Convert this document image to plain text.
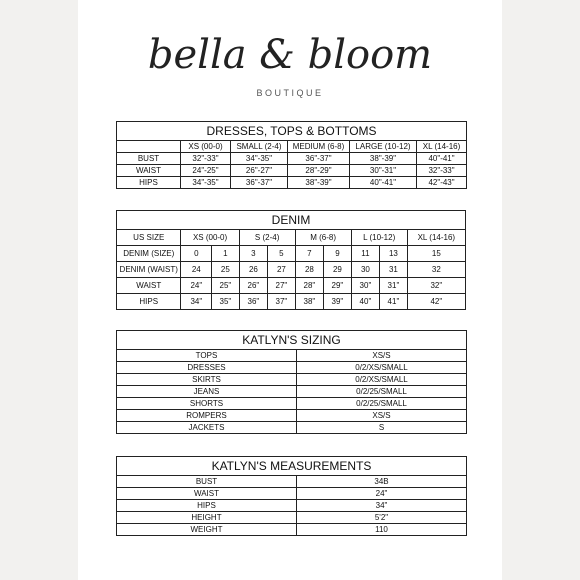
bella & bloom
BOUTIQUE
DRESSES, TOPS & BOTTOMS					
	XS (00-0)	SMALL (2-4)	MEDIUM (6-8)	LARGE (10-12)	XL (14-16)
BUST	32"-33"	34"-35"	36"-37"	38"-39"	40"-41"
WAIST	24"-25"	26"-27"	28"-29"	30"-31"	32"-33"
HIPS	34"-35"	36"-37"	38"-39"	40"-41"	42"-43"
DENIM									
US SIZE	XS (00-0)		S (2-4)		M (6-8)		L (10-12)		XL (14-16)
DENIM (SIZE)	0	1	3	5	7	9	11	13	15
DENIM (WAIST)	24	25	26	27	28	29	30	31	32
WAIST	24"	25"	26"	27"	28"	29"	30"	31"	32"
HIPS	34"	35"	36"	37"	38"	39"	40"	41"	42"
KATLYN'S SIZING	
TOPS	XS/S
DRESSES	0/2/XS/SMALL
SKIRTS	0/2/XS/SMALL
JEANS	0/2/25/SMALL
SHORTS	0/2/25/SMALL
ROMPERS	XS/S
JACKETS	S
KATLYN'S MEASUREMENTS	
BUST	34B
WAIST	24"
HIPS	34"
HEIGHT	5'2"
WEIGHT	110
